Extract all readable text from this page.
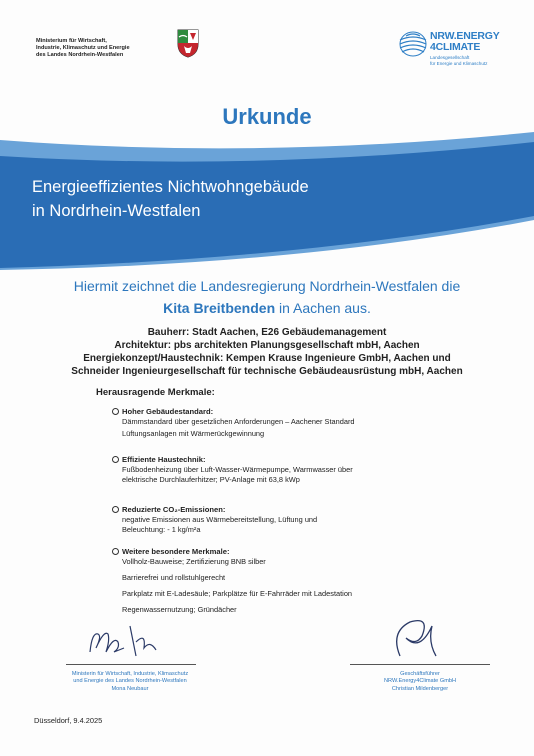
Ministerium für Wirtschaft,
Industrie, Klimaschutz und Energie
des Landes Nordrhein-Westfalen
NRW.ENERGY
4CLIMATE
Landesgesellschaft
für Energie und Klimaschutz
Urkunde
Energieeffizientes Nichtwohngebäude
in Nordrhein-Westfalen
Hiermit zeichnet die Landesregierung Nordrhein-Westfalen die
Kita Breitbenden in Aachen aus.
Bauherr: Stadt Aachen, E26 Gebäudemanagement
Architektur: pbs architekten Planungsgesellschaft mbH, Aachen
Energiekonzept/Haustechnik: Kempen Krause Ingenieure GmbH, Aachen und
Schneider Ingenieurgesellschaft für technische Gebäudeausrüstung mbH, Aachen
Herausragende Merkmale:
Hoher Gebäudestandard:
Dämmstandard über gesetzlichen Anforderungen – Aachener Standard
Lüftungsanlagen mit Wärmerückgewinnung
Effiziente Haustechnik:
Fußbodenheizung über Luft-Wasser-Wärmepumpe, Warmwasser über
elektrische Durchlauferhitzer; PV-Anlage mit 63,8 kWp
Reduzierte CO₂-Emissionen:
negative Emissionen aus Wärmebereitstellung, Lüftung und
Beleuchtung: - 1 kg/m²a
Weitere besondere Merkmale:
Vollholz-Bauweise; Zertifizierung BNB silber
Barrierefrei und rollstuhlgerecht
Parkplatz mit E-Ladesäule; Parkplätze für E-Fahrräder mit Ladestation
Regenwassernutzung; Gründächer
Ministerin für Wirtschaft, Industrie, Klimaschutz
und Energie des Landes Nordrhein-Westfalen
Mona Neubaur
Geschäftsführer
NRW.Energy4Climate GmbH
Christian Mildenberger
Düsseldorf, 9.4.2025
